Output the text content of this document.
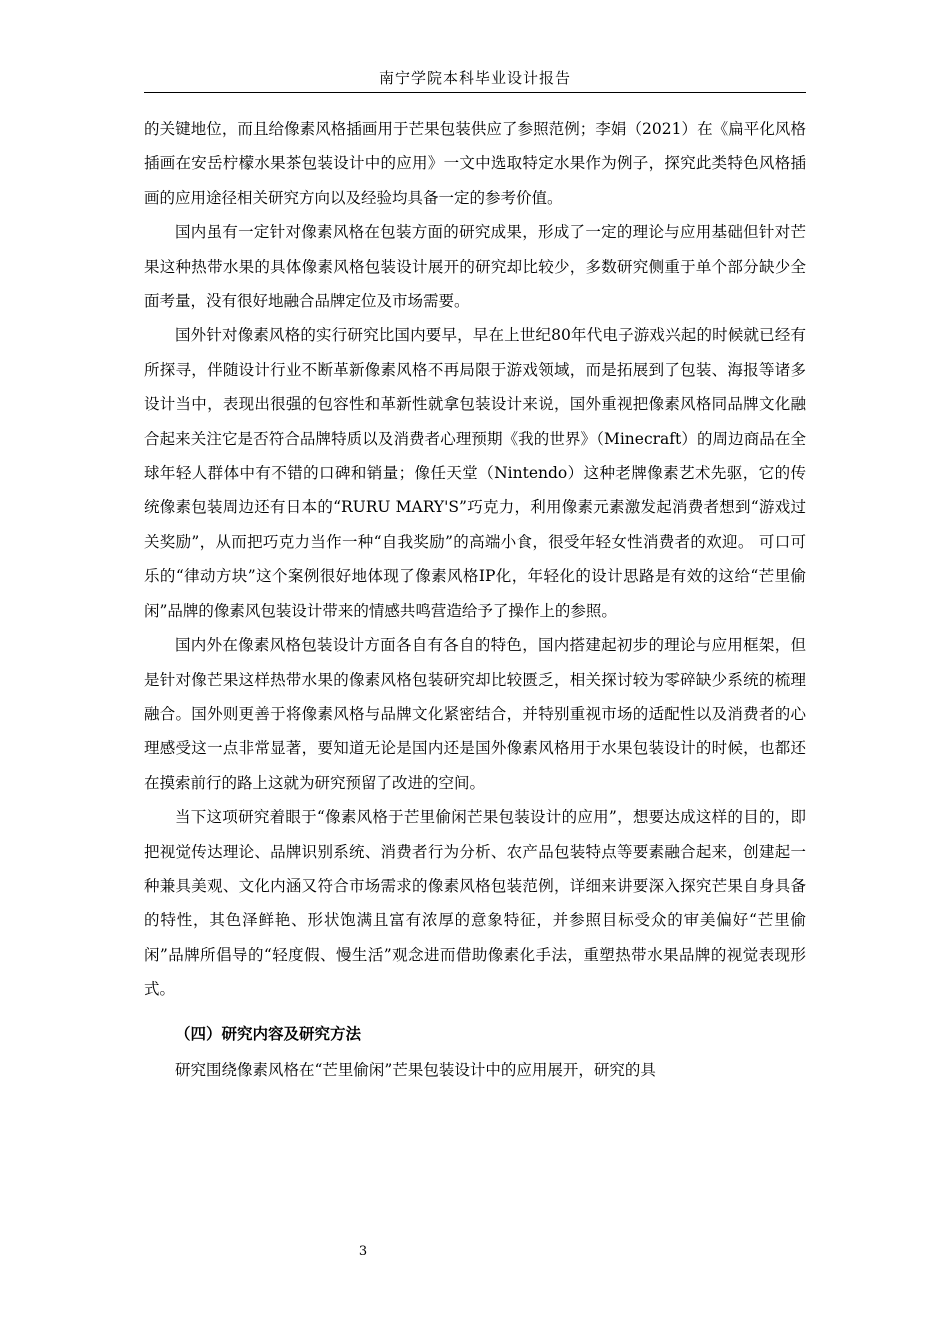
南宁学院本科毕业设计报告

的关键地位，而且给像素风格插画用于芒果包装供应了参照范例；李娟（2021）在《扁平化风格插画在安岳柠檬水果茶包装设计中的应用》一文中选取特定水果作为例子，探究此类特色风格插画的应用途径相关研究方向以及经验均具备一定的参考价值。

国内虽有一定针对像素风格在包装方面的研究成果，形成了一定的理论与应用基础但针对芒果这种热带水果的具体像素风格包装设计展开的研究却比较少，多数研究侧重于单个部分缺少全面考量，没有很好地融合品牌定位及市场需要。

国外针对像素风格的实行研究比国内要早，早在上世纪80年代电子游戏兴起的时候就已经有所探寻，伴随设计行业不断革新像素风格不再局限于游戏领域，而是拓展到了包装、海报等诸多设计当中，表现出很强的包容性和革新性就拿包装设计来说，国外重视把像素风格同品牌文化融合起来关注它是否符合品牌特质以及消费者心理预期《我的世界》（Minecraft）的周边商品在全球年轻人群体中有不错的口碑和销量；像任天堂（Nintendo）这种老牌像素艺术先驱，它的传统像素包装周边还有日本的“RURU MARY'S”巧克力，利用像素元素激发起消费者想到“游戏过关奖励”，从而把巧克力当作一种“自我奖励”的高端小食，很受年轻女性消费者的欢迎。 可口可乐的“律动方块”这个案例很好地体现了像素风格IP化，年轻化的设计思路是有效的这给“芒里偷闲”品牌的像素风包装设计带来的情感共鸣营造给予了操作上的参照。

国内外在像素风格包装设计方面各自有各自的特色，国内搭建起初步的理论与应用框架，但是针对像芒果这样热带水果的像素风格包装研究却比较匮乏，相关探讨较为零碎缺少系统的梳理融合。国外则更善于将像素风格与品牌文化紧密结合，并特别重视市场的适配性以及消费者的心理感受这一点非常显著，要知道无论是国内还是国外像素风格用于水果包装设计的时候，也都还在摸索前行的路上这就为研究预留了改进的空间。

当下这项研究着眼于“像素风格于芒里偷闲芒果包装设计的应用”，想要达成这样的目的，即把视觉传达理论、品牌识别系统、消费者行为分析、农产品包装特点等要素融合起来，创建起一种兼具美观、文化内涵又符合市场需求的像素风格包装范例，详细来讲要深入探究芒果自身具备的特性，其色泽鲜艳、形状饱满且富有浓厚的意象特征，并参照目标受众的审美偏好“芒里偷闲”品牌所倡导的“轻度假、慢生活”观念进而借助像素化手法，重塑热带水果品牌的视觉表现形式。

（四）研究内容及研究方法

研究围绕像素风格在“芒里偷闲”芒果包装设计中的应用展开，研究的具

3
